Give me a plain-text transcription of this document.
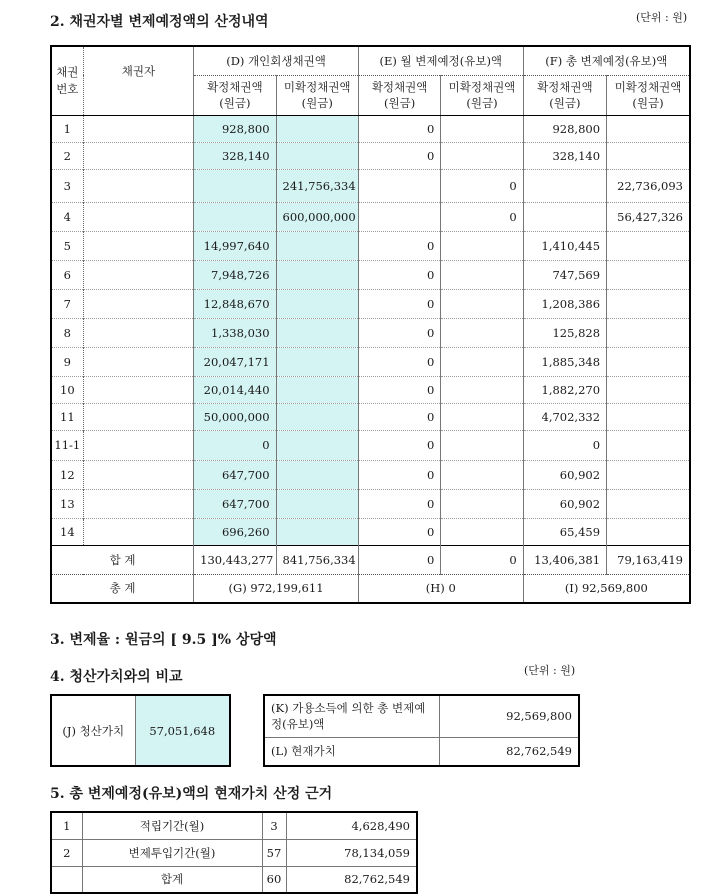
2. 채권자별 변제예정액의 산정내역	(단위 : 원)
채권 번호	채권자	(D) 개인회생채권액		(E) 월 변제예정(유보)액		(F) 총 변제예정(유보)액	
		확정채권액 (원금)	미확정채권액 (원금)	확정채권액 (원금)	미확정채권액 (원금)	확정채권액 (원금)	미확정채권액 (원금)
1		928,800		0		928,800	
2		328,140		0		328,140	
3			241,756,334		0		22,736,093
4			600,000,000		0		56,427,326
5		14,997,640		0		1,410,445	
6		7,948,726		0		747,569	
7		12,848,670		0		1,208,386	
8		1,338,030		0		125,828	
9		20,047,171		0		1,885,348	
10		20,014,440		0		1,882,270	
11		50,000,000		0		4,702,332	
11-1		0		0		0	
12		647,700		0		60,902	
13		647,700		0		60,902	
14		696,260		0		65,459	
합 계		130,443,277	841,756,334	0	0	13,406,381	79,163,419
총 계		(G) 972,199,611		(H) 0		(I) 92,569,800	
3. 변제율 : 원금의 [ 9.5 ]% 상당액
4. 청산가치와의 비교	(단위 : 원)
(J) 청산가치	57,051,648
(K) 가용소득에 의한 총 변제예정(유보)액	92,569,800
(L) 현재가치	82,762,549
5. 총 변제예정(유보)액의 현재가치 산정 근거
1	적립기간(월)	3	4,628,490
2	변제투입기간(월)	57	78,134,059
	합계	60	82,762,549
